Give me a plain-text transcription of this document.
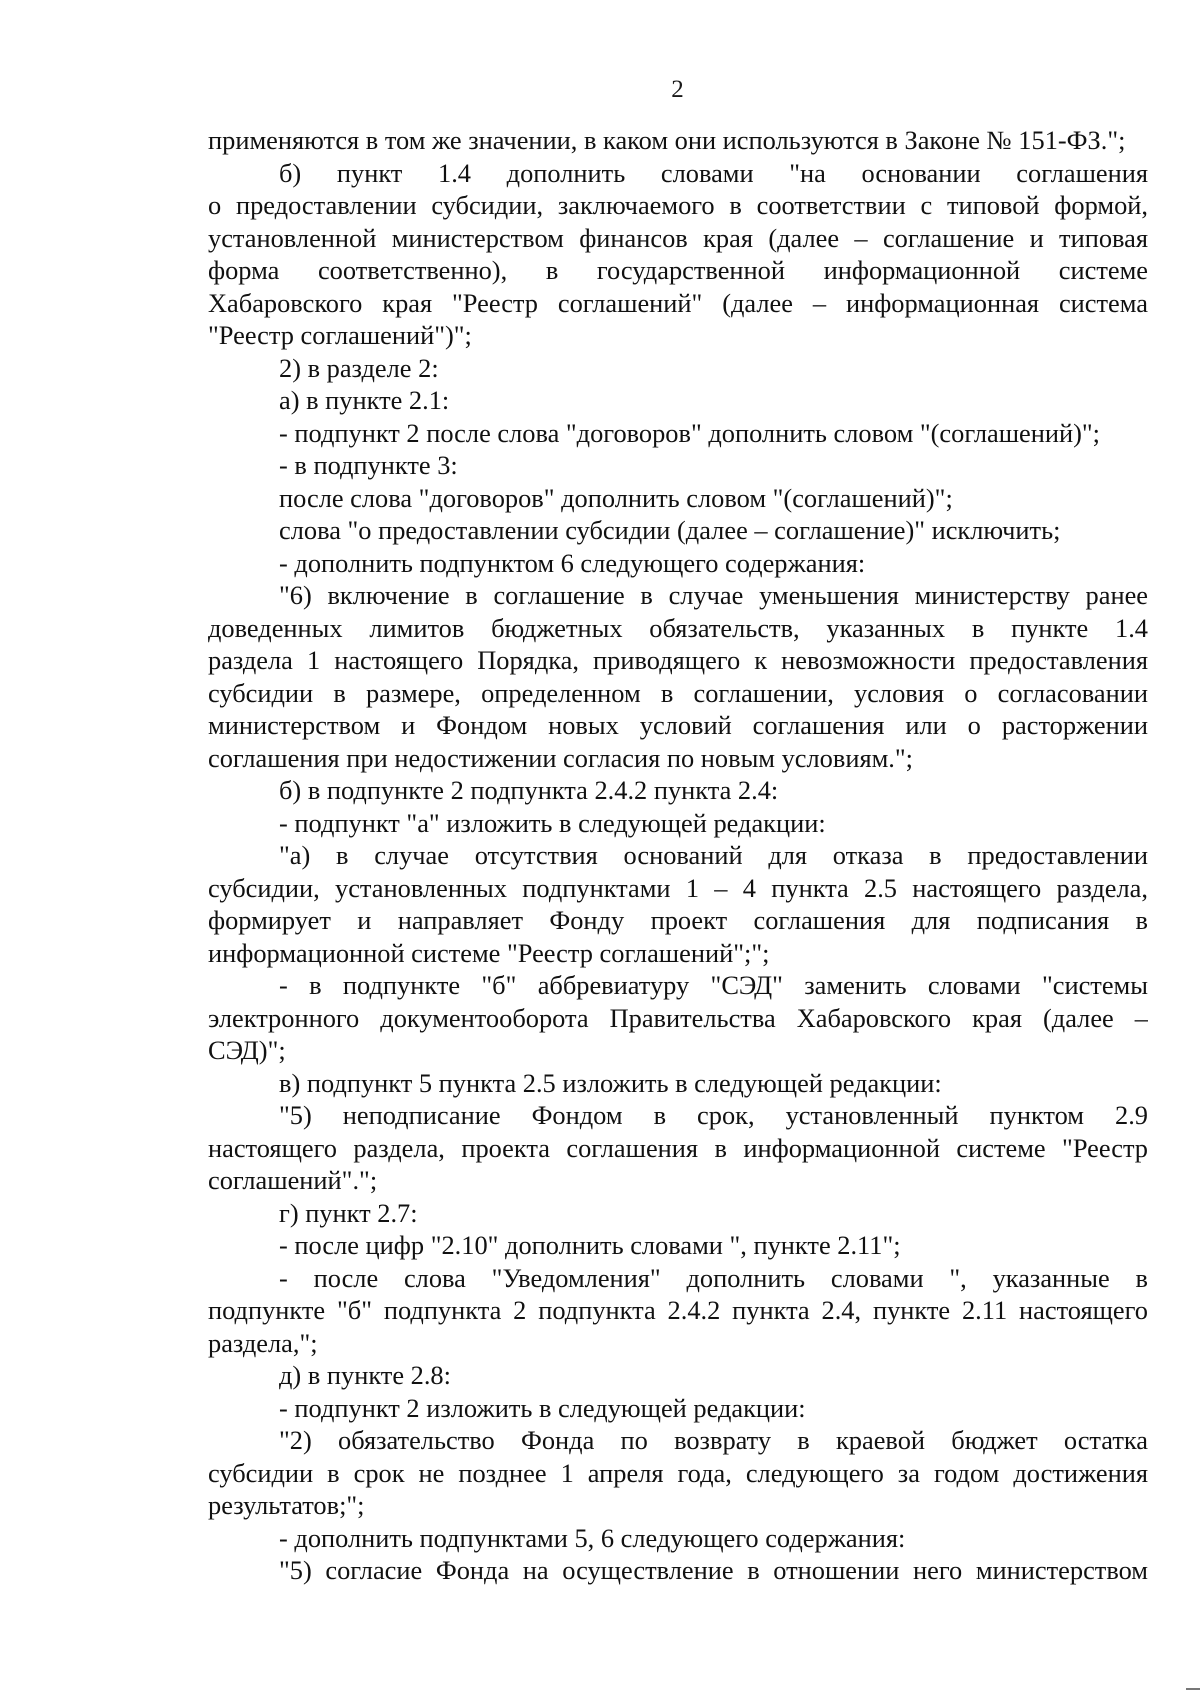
2
применяются в том же значении, в каком они используются в Законе № 151-ФЗ.";
б) пункт 1.4 дополнить словами "на основании соглашения
о предоставлении субсидии, заключаемого в соответствии с типовой формой,
установленной министерством финансов края (далее – соглашение и типовая
форма соответственно), в государственной информационной системе
Хабаровского края "Реестр соглашений" (далее – информационная система
"Реестр соглашений")";
2) в разделе 2:
а) в пункте 2.1:
- подпункт 2 после слова "договоров" дополнить словом "(соглашений)";
- в подпункте 3:
после слова "договоров" дополнить словом "(соглашений)";
слова "о предоставлении субсидии (далее – соглашение)" исключить;
- дополнить подпунктом 6 следующего содержания:
"6) включение в соглашение в случае уменьшения министерству ранее
доведенных лимитов бюджетных обязательств, указанных в пункте 1.4
раздела 1 настоящего Порядка, приводящего к невозможности предоставления
субсидии в размере, определенном в соглашении, условия о согласовании
министерством и Фондом новых условий соглашения или о расторжении
соглашения при недостижении согласия по новым условиям.";
б) в подпункте 2 подпункта 2.4.2 пункта 2.4:
- подпункт "а" изложить в следующей редакции:
"а) в случае отсутствия оснований для отказа в предоставлении
субсидии, установленных подпунктами 1 – 4 пункта 2.5 настоящего раздела,
формирует и направляет Фонду проект соглашения для подписания в
информационной системе "Реестр соглашений";";
- в подпункте "б" аббревиатуру "СЭД" заменить словами "системы
электронного документооборота Правительства Хабаровского края (далее –
СЭД)";
в) подпункт 5 пункта 2.5 изложить в следующей редакции:
"5) неподписание Фондом в срок, установленный пунктом 2.9
настоящего раздела, проекта соглашения в информационной системе "Реестр
соглашений".";
г) пункт 2.7:
- после цифр "2.10" дополнить словами ", пункте 2.11";
- после слова "Уведомления" дополнить словами ", указанные в
подпункте "б" подпункта 2 подпункта 2.4.2 пункта 2.4, пункте 2.11 настоящего
раздела,";
д) в пункте 2.8:
- подпункт 2 изложить в следующей редакции:
"2) обязательство Фонда по возврату в краевой бюджет остатка
субсидии в срок не позднее 1 апреля года, следующего за годом достижения
результатов;";
- дополнить подпунктами 5, 6 следующего содержания:
"5) согласие Фонда на осуществление в отношении него министерством
